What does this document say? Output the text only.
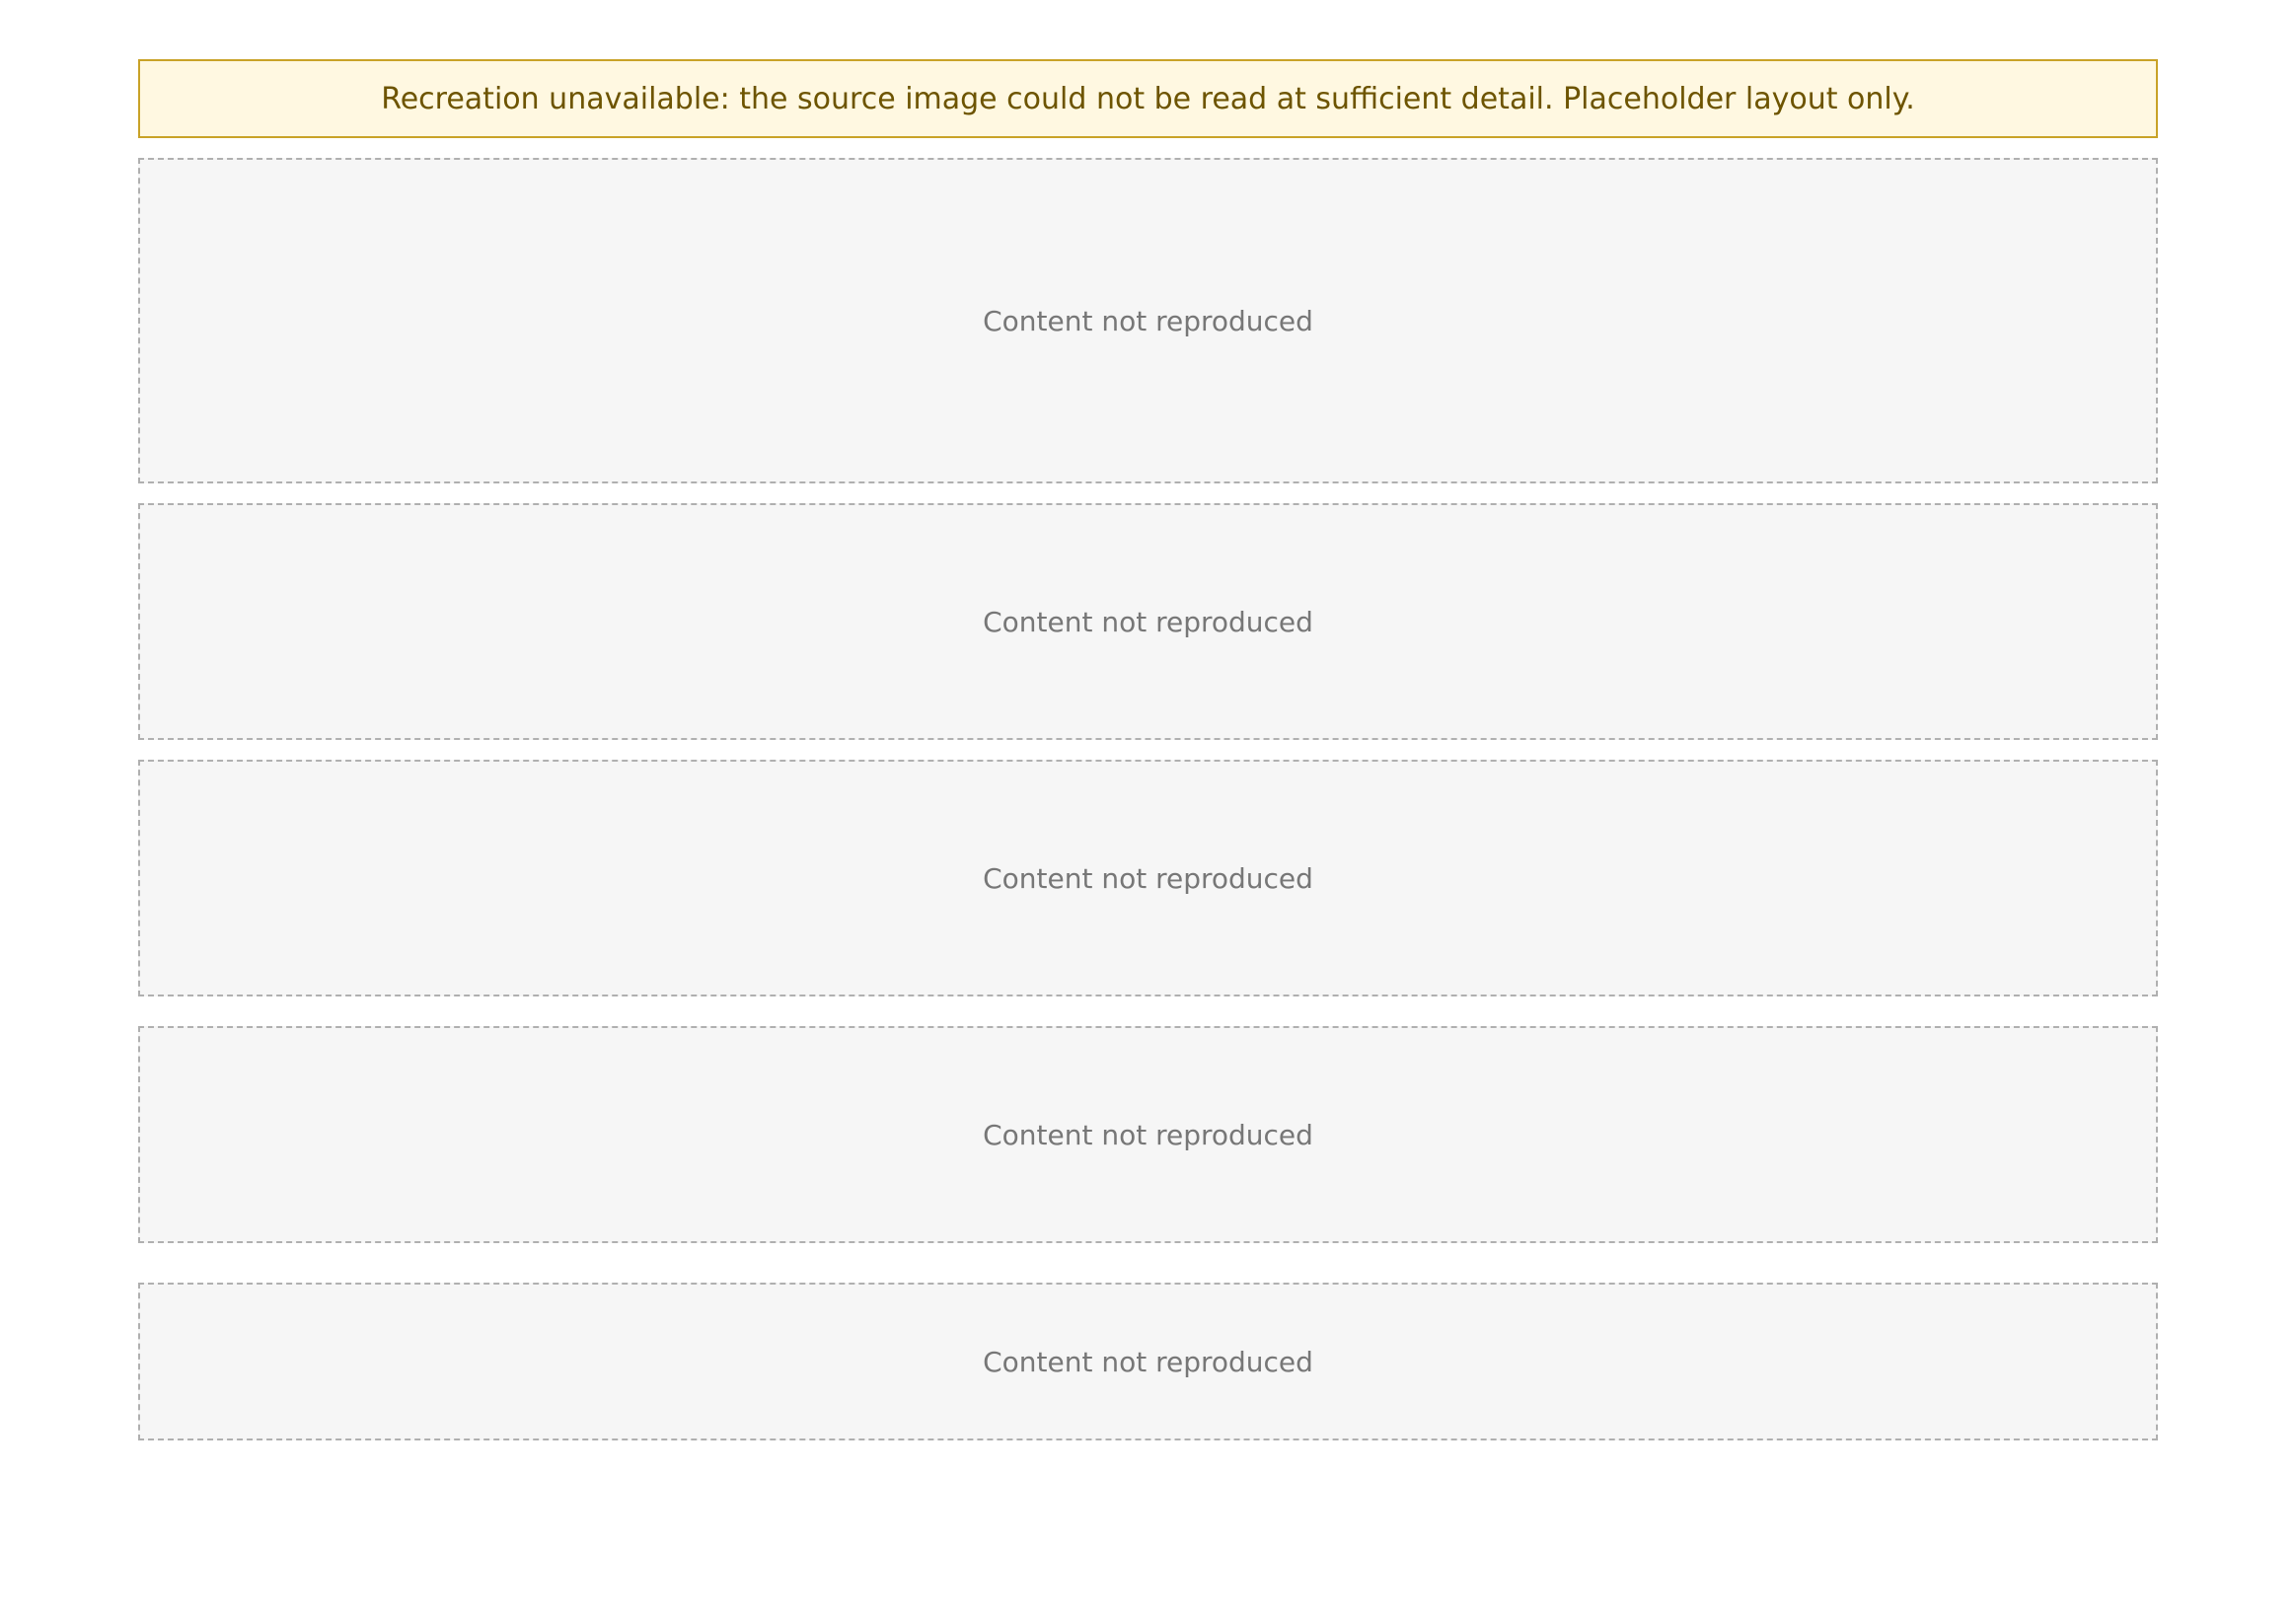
Recreation unavailable: the source image could not be read at sufficient detail. Placeholder layout only.
Content not reproduced
Content not reproduced
Content not reproduced
Content not reproduced
Content not reproduced
